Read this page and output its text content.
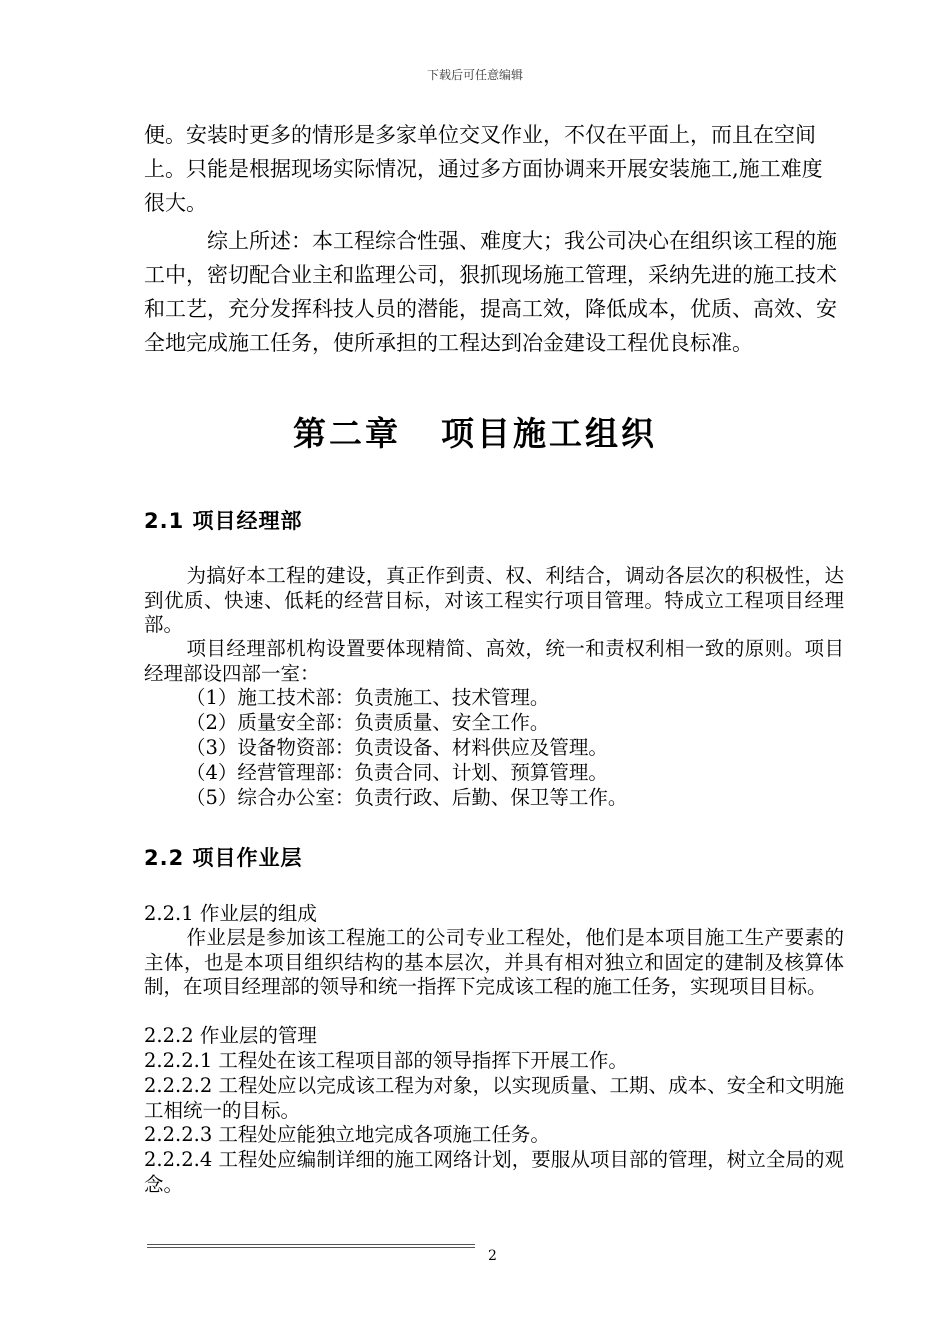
下载后可任意编辑
便。安装时更多的情形是多家单位交叉作业，不仅在平面上，而且在空间上。只能是根据现场实际情况，通过多方面协调来开展安装施工,施工难度很大。
综上所述：本工程综合性强、难度大；我公司决心在组织该工程的施工中，密切配合业主和监理公司，狠抓现场施工管理，采纳先进的施工技术和工艺，充分发挥科技人员的潜能，提高工效，降低成本，优质、高效、安全地完成施工任务，使所承担的工程达到冶金建设工程优良标准。
第二章 项目施工组织
2.1 项目经理部
为搞好本工程的建设，真正作到责、权、利结合，调动各层次的积极性，达到优质、快速、低耗的经营目标，对该工程实行项目管理。特成立工程项目经理部。
项目经理部机构设置要体现精简、高效，统一和责权利相一致的原则。项目经理部设四部一室：
（1）施工技术部：负责施工、技术管理。
（2）质量安全部：负责质量、安全工作。
（3）设备物资部：负责设备、材料供应及管理。
（4）经营管理部：负责合同、计划、预算管理。
（5）综合办公室：负责行政、后勤、保卫等工作。
2.2 项目作业层
2.2.1 作业层的组成
作业层是参加该工程施工的公司专业工程处，他们是本项目施工生产要素的主体，也是本项目组织结构的基本层次，并具有相对独立和固定的建制及核算体制，在项目经理部的领导和统一指挥下完成该工程的施工任务，实现项目目标。
2.2.2 作业层的管理
2.2.2.1 工程处在该工程项目部的领导指挥下开展工作。
2.2.2.2 工程处应以完成该工程为对象，以实现质量、工期、成本、安全和文明施工相统一的目标。
2.2.2.3 工程处应能独立地完成各项施工任务。
2.2.2.4 工程处应编制详细的施工网络计划，要服从项目部的管理，树立全局的观念。
2
